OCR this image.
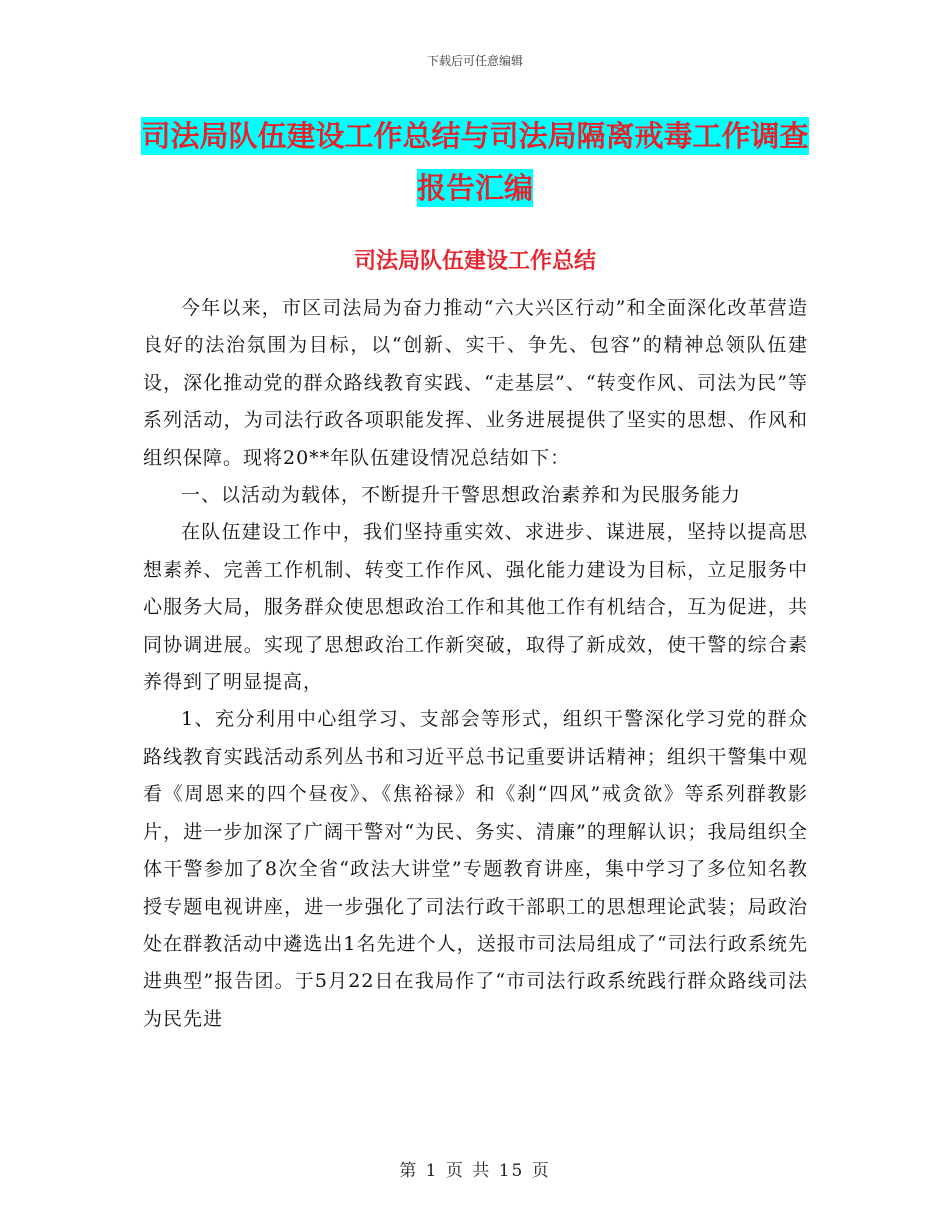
下载后可任意编辑
司法局队伍建设工作总结与司法局隔离戒毒工作调查
报告汇编
司法局队伍建设工作总结

今年以来，市区司法局为奋力推动“六大兴区行动”和全面深化改革营造良好的法治氛围为目标，以“创新、实干、争先、包容”的精神总领队伍建设，深化推动党的群众路线教育实践、“走基层”、“转变作风、司法为民”等系列活动，为司法行政各项职能发挥、业务进展提供了坚实的思想、作风和组织保障。现将20**年队伍建设情况总结如下：

一、以活动为载体，不断提升干警思想政治素养和为民服务能力

在队伍建设工作中，我们坚持重实效、求进步、谋进展，坚持以提高思想素养、完善工作机制、转变工作作风、强化能力建设为目标，立足服务中心服务大局，服务群众使思想政治工作和其他工作有机结合，互为促进，共同协调进展。实现了思想政治工作新突破，取得了新成效，使干警的综合素养得到了明显提高，

1、充分利用中心组学习、支部会等形式，组织干警深化学习党的群众路线教育实践活动系列丛书和习近平总书记重要讲话精神；组织干警集中观看《周恩来的四个昼夜》、《焦裕禄》和《刹“四风”戒贪欲》等系列群教影片，进一步加深了广阔干警对“为民、务实、清廉”的理解认识；我局组织全体干警参加了8次全省“政法大讲堂”专题教育讲座，集中学习了多位知名教授专题电视讲座，进一步强化了司法行政干部职工的思想理论武装；局政治处在群教活动中遴选出1名先进个人，送报市司法局组成了“司法行政系统先进典型”报告团。于5月22日在我局作了“市司法行政系统践行群众路线司法为民先进

第 1 页 共 15 页
